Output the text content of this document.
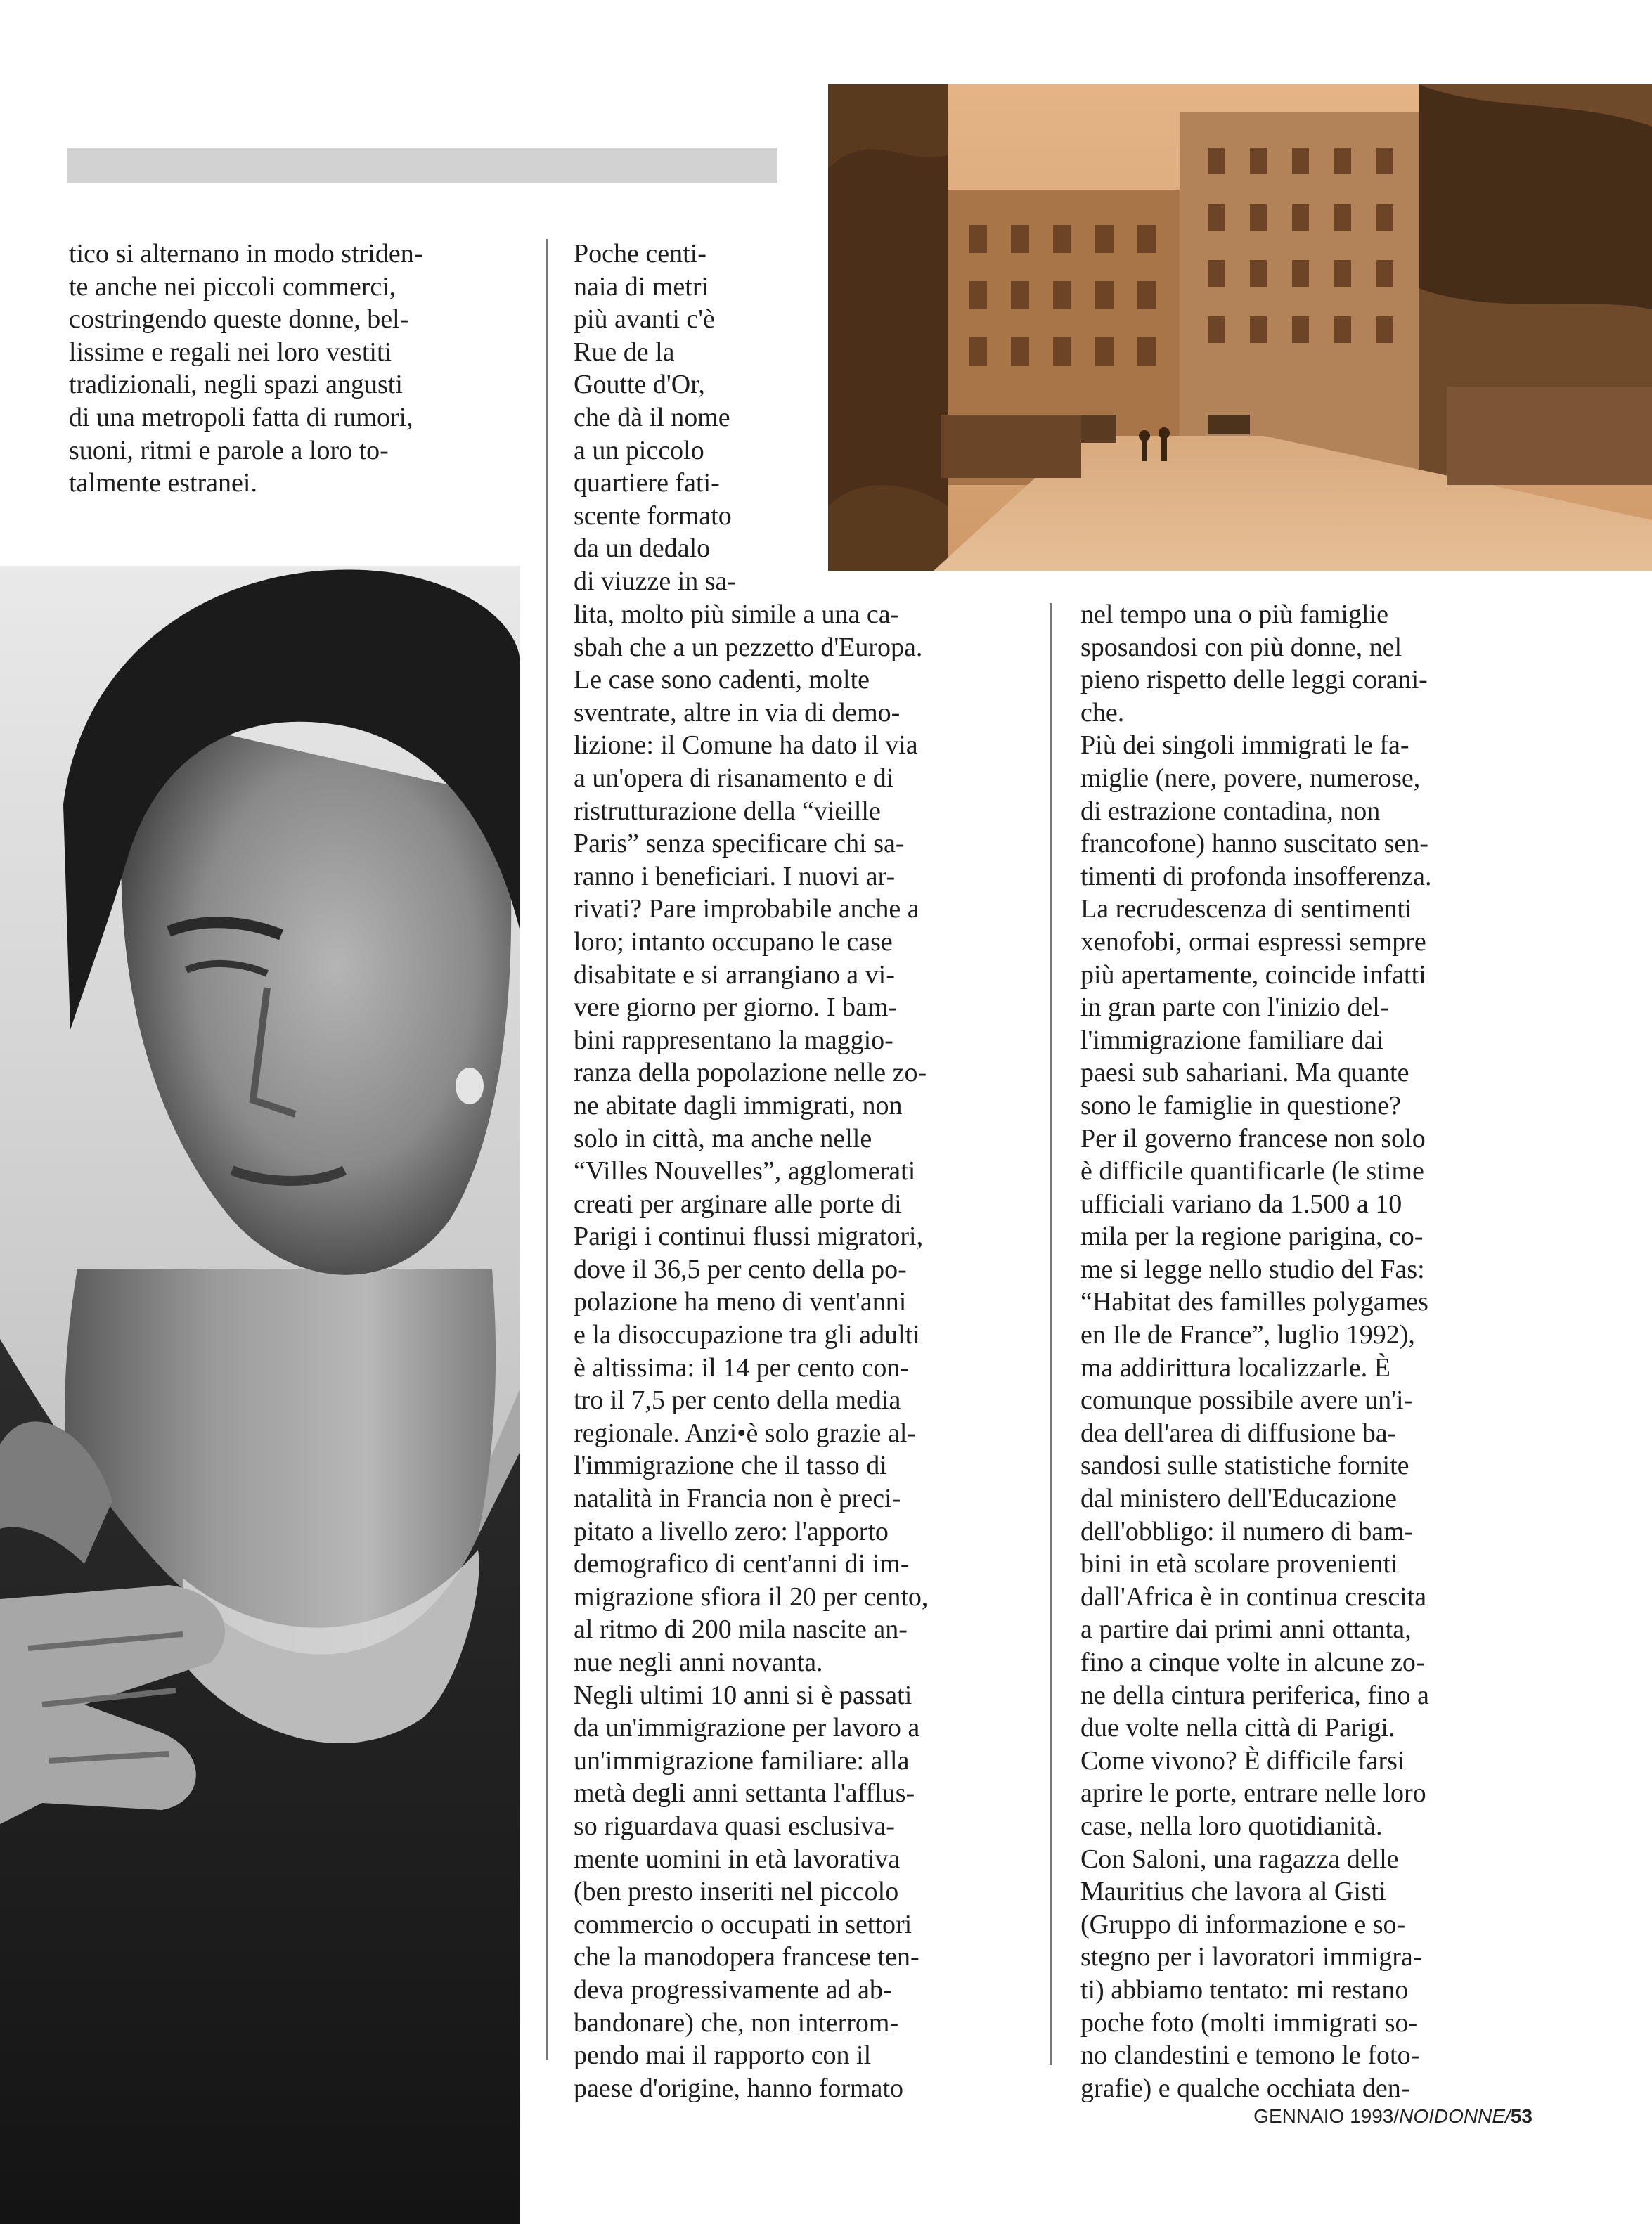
tico si alternano in modo striden-
te anche nei piccoli commerci,
costringendo queste donne, bel-
lissime e regali nei loro vestiti
tradizionali, negli spazi angusti
di una metropoli fatta di rumori,
suoni, ritmi e parole a loro to-
talmente estranei.
Poche centi-
naia di metri
più avanti c'è
Rue de la
Goutte d'Or,
che dà il nome
a un piccolo
quartiere fati-
scente formato
da un dedalo
di viuzze in sa-
lita, molto più simile a una ca-
sbah che a un pezzetto d'Europa.
Le case sono cadenti, molte
sventrate, altre in via di demo-
lizione: il Comune ha dato il via
a un'opera di risanamento e di
ristrutturazione della “vieille
Paris” senza specificare chi sa-
ranno i beneficiari. I nuovi ar-
rivati? Pare improbabile anche a
loro; intanto occupano le case
disabitate e si arrangiano a vi-
vere giorno per giorno. I bam-
bini rappresentano la maggio-
ranza della popolazione nelle zo-
ne abitate dagli immigrati, non
solo in città, ma anche nelle
“Villes Nouvelles”, agglomerati
creati per arginare alle porte di
Parigi i continui flussi migratori,
dove il 36,5 per cento della po-
polazione ha meno di vent'anni
e la disoccupazione tra gli adulti
è altissima: il 14 per cento con-
tro il 7,5 per cento della media
regionale. Anzi•è solo grazie al-
l'immigrazione che il tasso di
natalità in Francia non è preci-
pitato a livello zero: l'apporto
demografico di cent'anni di im-
migrazione sfiora il 20 per cento,
al ritmo di 200 mila nascite an-
nue negli anni novanta.
Negli ultimi 10 anni si è passati
da un'immigrazione per lavoro a
un'immigrazione familiare: alla
metà degli anni settanta l'afflus-
so riguardava quasi esclusiva-
mente uomini in età lavorativa
(ben presto inseriti nel piccolo
commercio o occupati in settori
che la manodopera francese ten-
deva progressivamente ad ab-
bandonare) che, non interrom-
pendo mai il rapporto con il
paese d'origine, hanno formato
nel tempo una o più famiglie
sposandosi con più donne, nel
pieno rispetto delle leggi corani-
che.
Più dei singoli immigrati le fa-
miglie (nere, povere, numerose,
di estrazione contadina, non
francofone) hanno suscitato sen-
timenti di profonda insofferenza.
La recrudescenza di sentimenti
xenofobi, ormai espressi sempre
più apertamente, coincide infatti
in gran parte con l'inizio del-
l'immigrazione familiare dai
paesi sub sahariani. Ma quante
sono le famiglie in questione?
Per il governo francese non solo
è difficile quantificarle (le stime
ufficiali variano da 1.500 a 10
mila per la regione parigina, co-
me si legge nello studio del Fas:
“Habitat des familles polygames
en Ile de France”, luglio 1992),
ma addirittura localizzarle. È
comunque possibile avere un'i-
dea dell'area di diffusione ba-
sandosi sulle statistiche fornite
dal ministero dell'Educazione
dell'obbligo: il numero di bam-
bini in età scolare provenienti
dall'Africa è in continua crescita
a partire dai primi anni ottanta,
fino a cinque volte in alcune zo-
ne della cintura periferica, fino a
due volte nella città di Parigi.
Come vivono? È difficile farsi
aprire le porte, entrare nelle loro
case, nella loro quotidianità.
Con Saloni, una ragazza delle
Mauritius che lavora al Gisti
(Gruppo di informazione e so-
stegno per i lavoratori immigra-
ti) abbiamo tentato: mi restano
poche foto (molti immigrati so-
no clandestini e temono le foto-
grafie) e qualche occhiata den-
GENNAIO 1993/NOIDONNE/53
